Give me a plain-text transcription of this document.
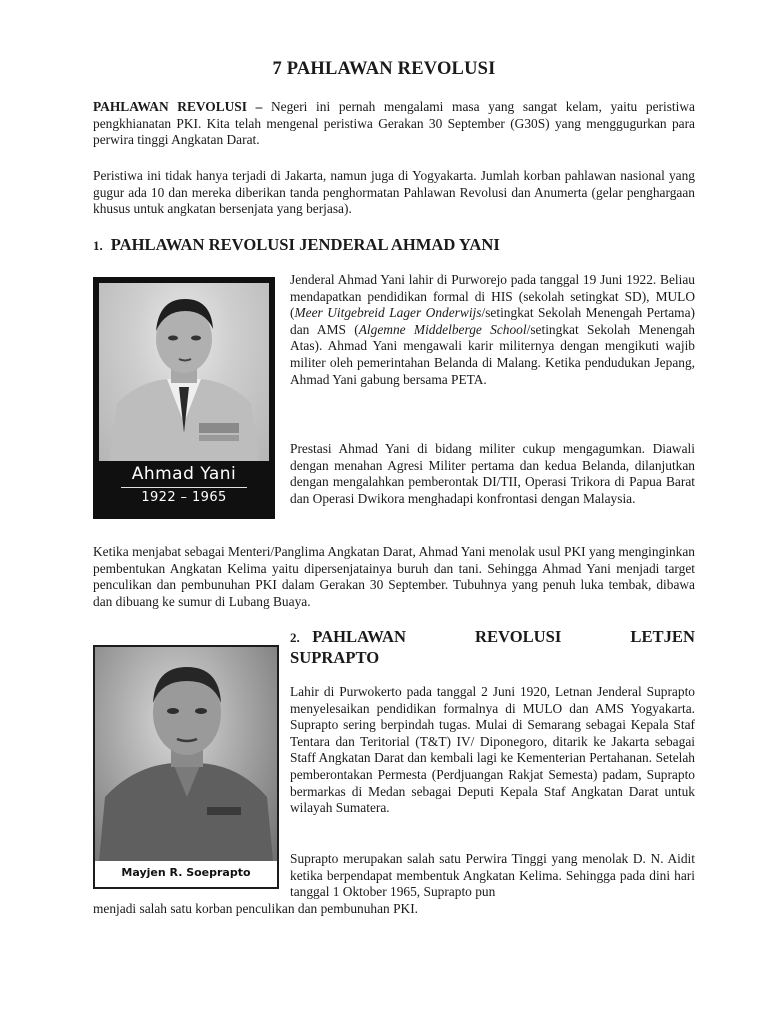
7 PAHLAWAN REVOLUSI
PAHLAWAN REVOLUSI – Negeri ini pernah mengalami masa yang sangat kelam, yaitu peristiwa pengkhianatan PKI. Kita telah mengenal peristiwa Gerakan 30 September (G30S) yang menggugurkan para perwira tinggi Angkatan Darat.
Peristiwa ini tidak hanya terjadi di Jakarta, namun juga di Yogyakarta. Jumlah korban pahlawan nasional yang gugur ada 10 dan mereka diberikan tanda penghormatan Pahlawan Revolusi dan Anumerta (gelar penghargaan khusus untuk angkatan bersenjata yang berjasa).
1. PAHLAWAN REVOLUSI JENDERAL AHMAD YANI
Ahmad Yani
1922 – 1965
Jenderal Ahmad Yani lahir di Purworejo pada tanggal 19 Juni 1922. Beliau mendapatkan pendidikan formal di HIS (sekolah setingkat SD), MULO (Meer Uitgebreid Lager Onderwijs/setingkat Sekolah Menengah Pertama) dan AMS (Algemne Middelberge School/setingkat Sekolah Menengah Atas). Ahmad Yani mengawali karir militernya dengan mengikuti wajib militer oleh pemerintahan Belanda di Malang. Ketika pendudukan Jepang, Ahmad Yani gabung bersama PETA.
Prestasi Ahmad Yani di bidang militer cukup mengagumkan. Diawali dengan menahan Agresi Militer pertama dan kedua Belanda, dilanjutkan dengan mengalahkan pemberontak DI/TII, Operasi Trikora di Papua Barat dan Operasi Dwikora menghadapi konfrontasi dengan Malaysia.
Ketika menjabat sebagai Menteri/Panglima Angkatan Darat, Ahmad Yani menolak usul PKI yang menginginkan pembentukan Angkatan Kelima yaitu dipersenjatainya buruh dan tani. Sehingga Ahmad Yani menjadi target penculikan dan pembunuhan PKI dalam Gerakan 30 September. Tubuhnya yang penuh luka tembak, dibawa dan dibuang ke sumur di Lubang Buaya.
2. PAHLAWAN	REVOLUSI	LETJEN
SUPRAPTO
Mayjen R. Soeprapto
Lahir di Purwokerto pada tanggal 2 Juni 1920, Letnan Jenderal Suprapto menyelesaikan pendidikan formalnya di MULO dan AMS Yogyakarta. Suprapto sering berpindah tugas. Mulai di Semarang sebagai Kepala Staf Tentara dan Teritorial (T&T) IV/ Diponegoro, ditarik ke Jakarta sebagai Staff Angkatan Darat dan kembali lagi ke Kementerian Pertahanan. Setelah pemberontakan Permesta (Perdjuangan Rakjat Semesta) padam, Suprapto bermarkas di Medan sebagai Deputi Kepala Staf Angkatan Darat untuk wilayah Sumatera.
Suprapto merupakan salah satu Perwira Tinggi yang menolak D. N. Aidit ketika berpendapat membentuk Angkatan Kelima. Sehingga pada dini hari tanggal 1 Oktober 1965, Suprapto pun
menjadi salah satu korban penculikan dan pembunuhan PKI.
